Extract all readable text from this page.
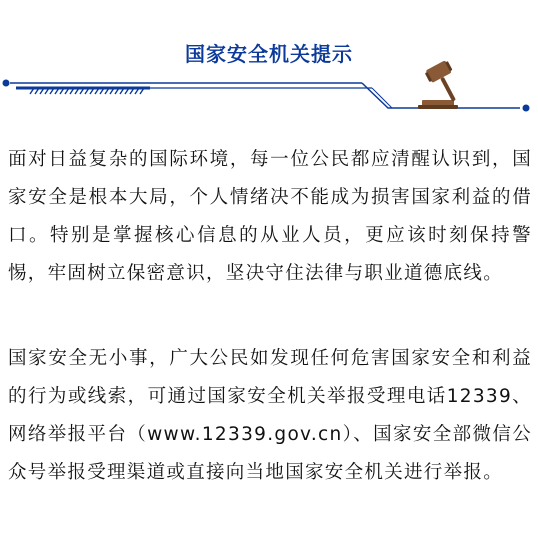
国家安全机关提示

面对日益复杂的国际环境，每一位公民都应清醒认识到，国家安全是根本大局，个人情绪决不能成为损害国家利益的借口。特别是掌握核心信息的从业人员，更应该时刻保持警惕，牢固树立保密意识，坚决守住法律与职业道德底线。

国家安全无小事，广大公民如发现任何危害国家安全和利益的行为或线索，可通过国家安全机关举报受理电话12339、网络举报平台（www.12339.gov.cn）、国家安全部微信公众号举报受理渠道或直接向当地国家安全机关进行举报。
